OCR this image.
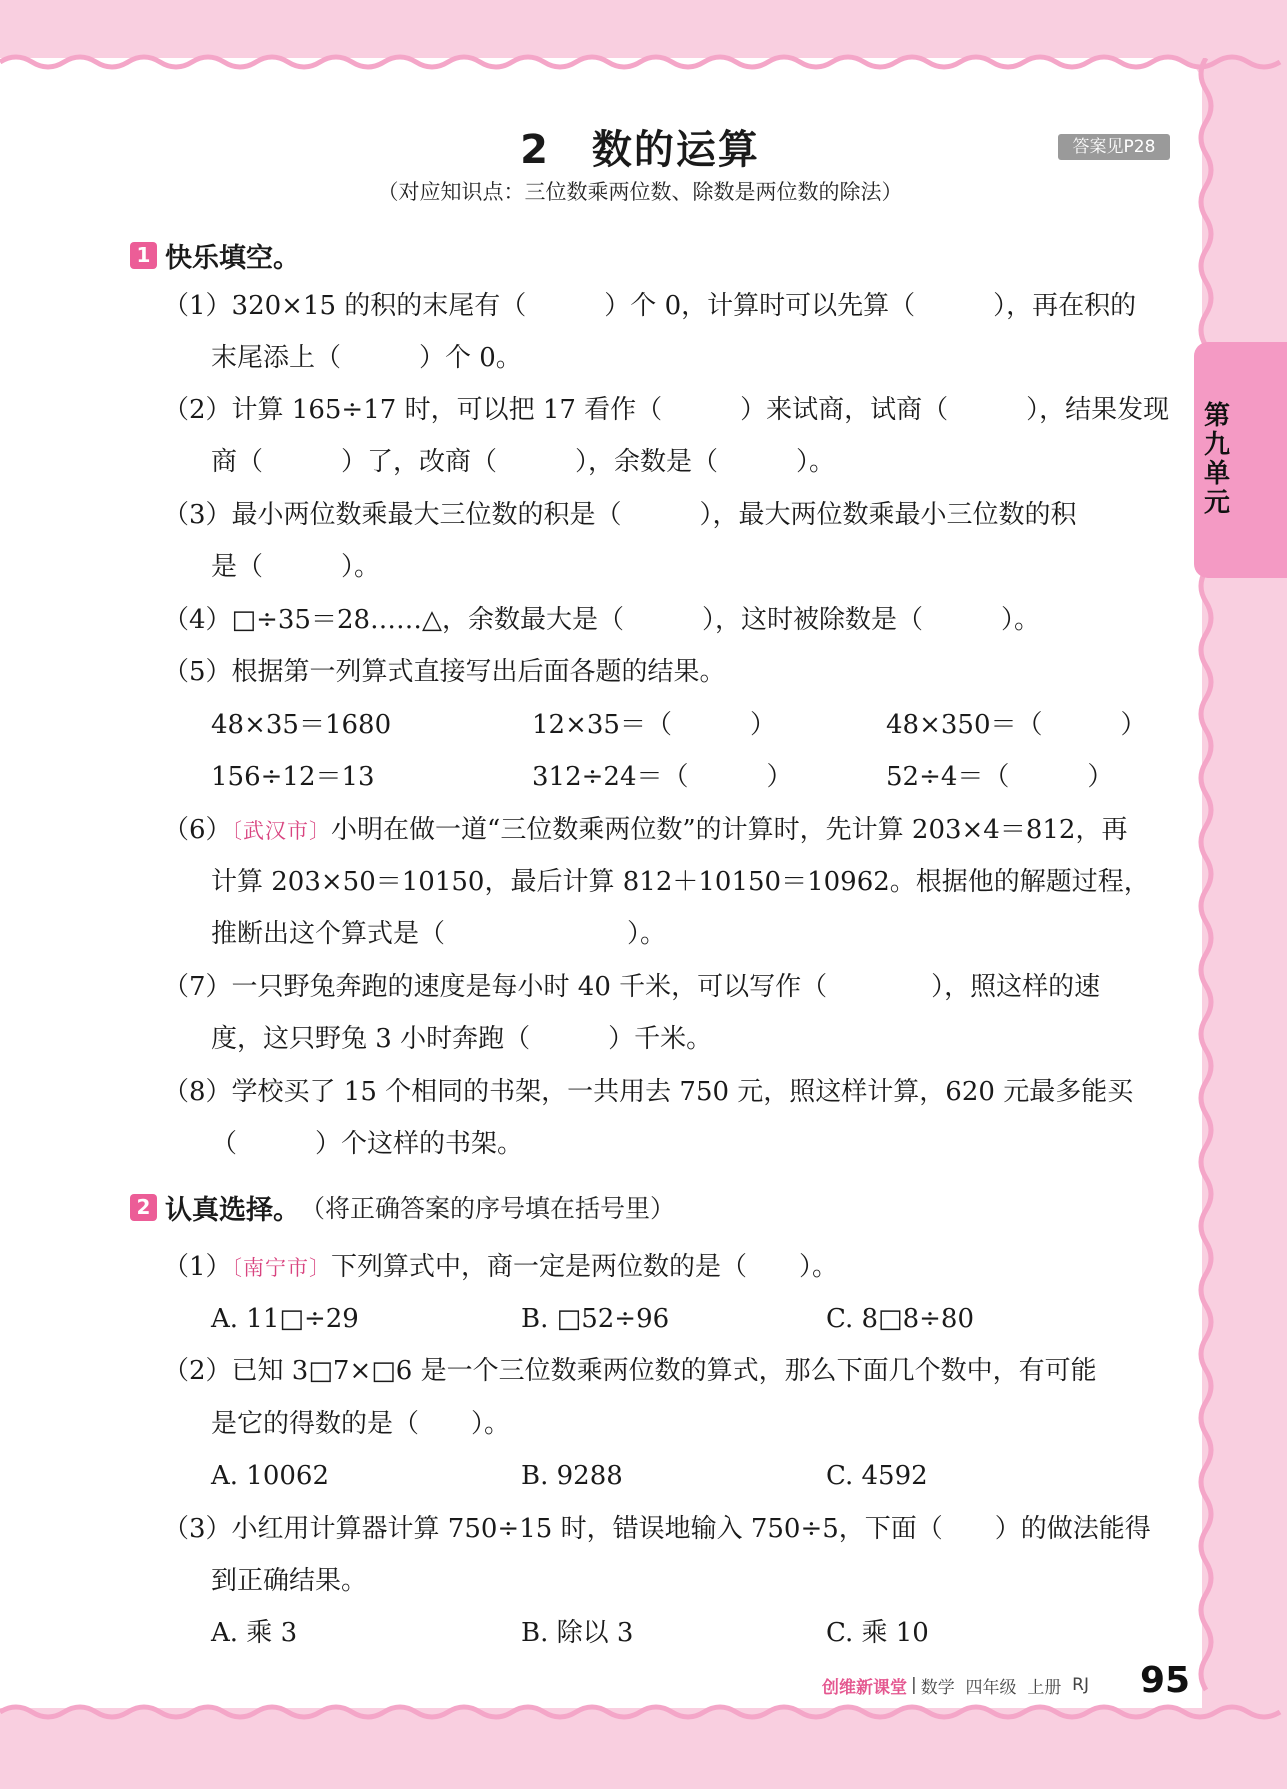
2　数的运算	答案见P28
（对应知识点：三位数乘两位数、除数是两位数的除法）
第九单元
1 快乐填空。
（1）320×15 的积的末尾有（　　　）个 0，计算时可以先算（　　　），再在积的
末尾添上（　　　）个 0。
（2）计算 165÷17 时，可以把 17 看作（　　　）来试商，试商（　　　），结果发现
商（　　　）了，改商（　　　），余数是（　　　）。
（3）最小两位数乘最大三位数的积是（　　　），最大两位数乘最小三位数的积
是（　　　）。
（4）□÷35＝28……△，余数最大是（　　　），这时被除数是（　　　）。
（5）根据第一列算式直接写出后面各题的结果。
48×35＝1680	12×35＝（　　　）	48×350＝（　　　）
156÷12＝13	312÷24＝（　　　）	52÷4＝（　　　）
（6）〔武汉市〕小明在做一道“三位数乘两位数”的计算时，先计算 203×4＝812，再
计算 203×50＝10150，最后计算 812＋10150＝10962。根据他的解题过程，
推断出这个算式是（　　　　　　　）。
（7）一只野兔奔跑的速度是每小时 40 千米，可以写作（　　　　），照这样的速
度，这只野兔 3 小时奔跑（　　　）千米。
（8）学校买了 15 个相同的书架，一共用去 750 元，照这样计算，620 元最多能买
（　　　）个这样的书架。
2 认真选择。 （将正确答案的序号填在括号里）
（1）〔南宁市〕下列算式中，商一定是两位数的是（　　）。
A. 11□÷29	B. □52÷96	C. 8□8÷80
（2）已知 3□7×□6 是一个三位数乘两位数的算式，那么下面几个数中，有可能
是它的得数的是（　　）。
A. 10062	B. 9288	C. 4592
（3）小红用计算器计算 750÷15 时，错误地输入 750÷5，下面（　　）的做法能得
到正确结果。
A. 乘 3	B. 除以 3	C. 乘 10
创维新课堂 | 数学
四年级
上册
RJ 95
